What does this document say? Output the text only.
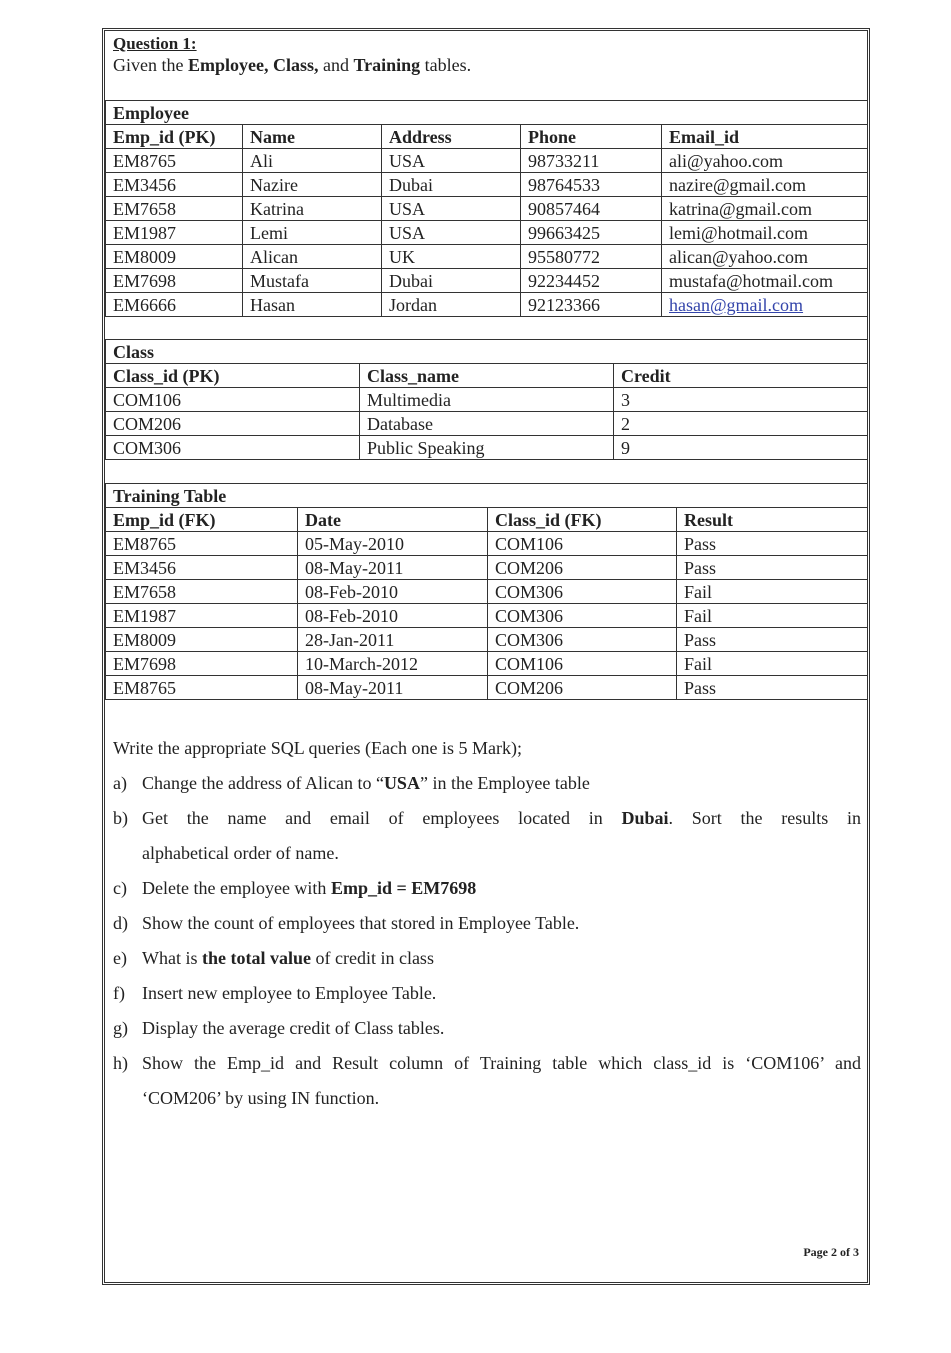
Question 1:
Given the Employee, Class, and Training tables.
Employee				
Emp_id (PK)	Name	Address	Phone	Email_id
EM8765	Ali	USA	98733211	ali@yahoo.com
EM3456	Nazire	Dubai	98764533	nazire@gmail.com
EM7658	Katrina	USA	90857464	katrina@gmail.com
EM1987	Lemi	USA	99663425	lemi@hotmail.com
EM8009	Alican	UK	95580772	alican@yahoo.com
EM7698	Mustafa	Dubai	92234452	mustafa@hotmail.com
EM6666	Hasan	Jordan	92123366	hasan@gmail.com
Class		
Class_id (PK)	Class_name	Credit
COM106	Multimedia	3
COM206	Database	2
COM306	Public Speaking	9
Training Table			
Emp_id (FK)	Date	Class_id (FK)	Result
EM8765	05-May-2010	COM106	Pass
EM3456	08-May-2011	COM206	Pass
EM7658	08-Feb-2010	COM306	Fail
EM1987	08-Feb-2010	COM306	Fail
EM8009	28-Jan-2011	COM306	Pass
EM7698	10-March-2012	COM106	Fail
EM8765	08-May-2011	COM206	Pass
Write the appropriate SQL queries (Each one is 5 Mark);
a) Change the address of Alican to “USA” in the Employee table
b) Get the name and email of employees located in Dubai. Sort the results in
alphabetical order of name.
c) Delete the employee with Emp_id = EM7698
d) Show the count of employees that stored in Employee Table.
e) What is the total value of credit in class
f) Insert new employee to Employee Table.
g) Display the average credit of Class tables.
h) Show the Emp_id and Result column of Training table which class_id is ‘COM106’ and
‘COM206’ by using IN function.
Page 2 of 3
